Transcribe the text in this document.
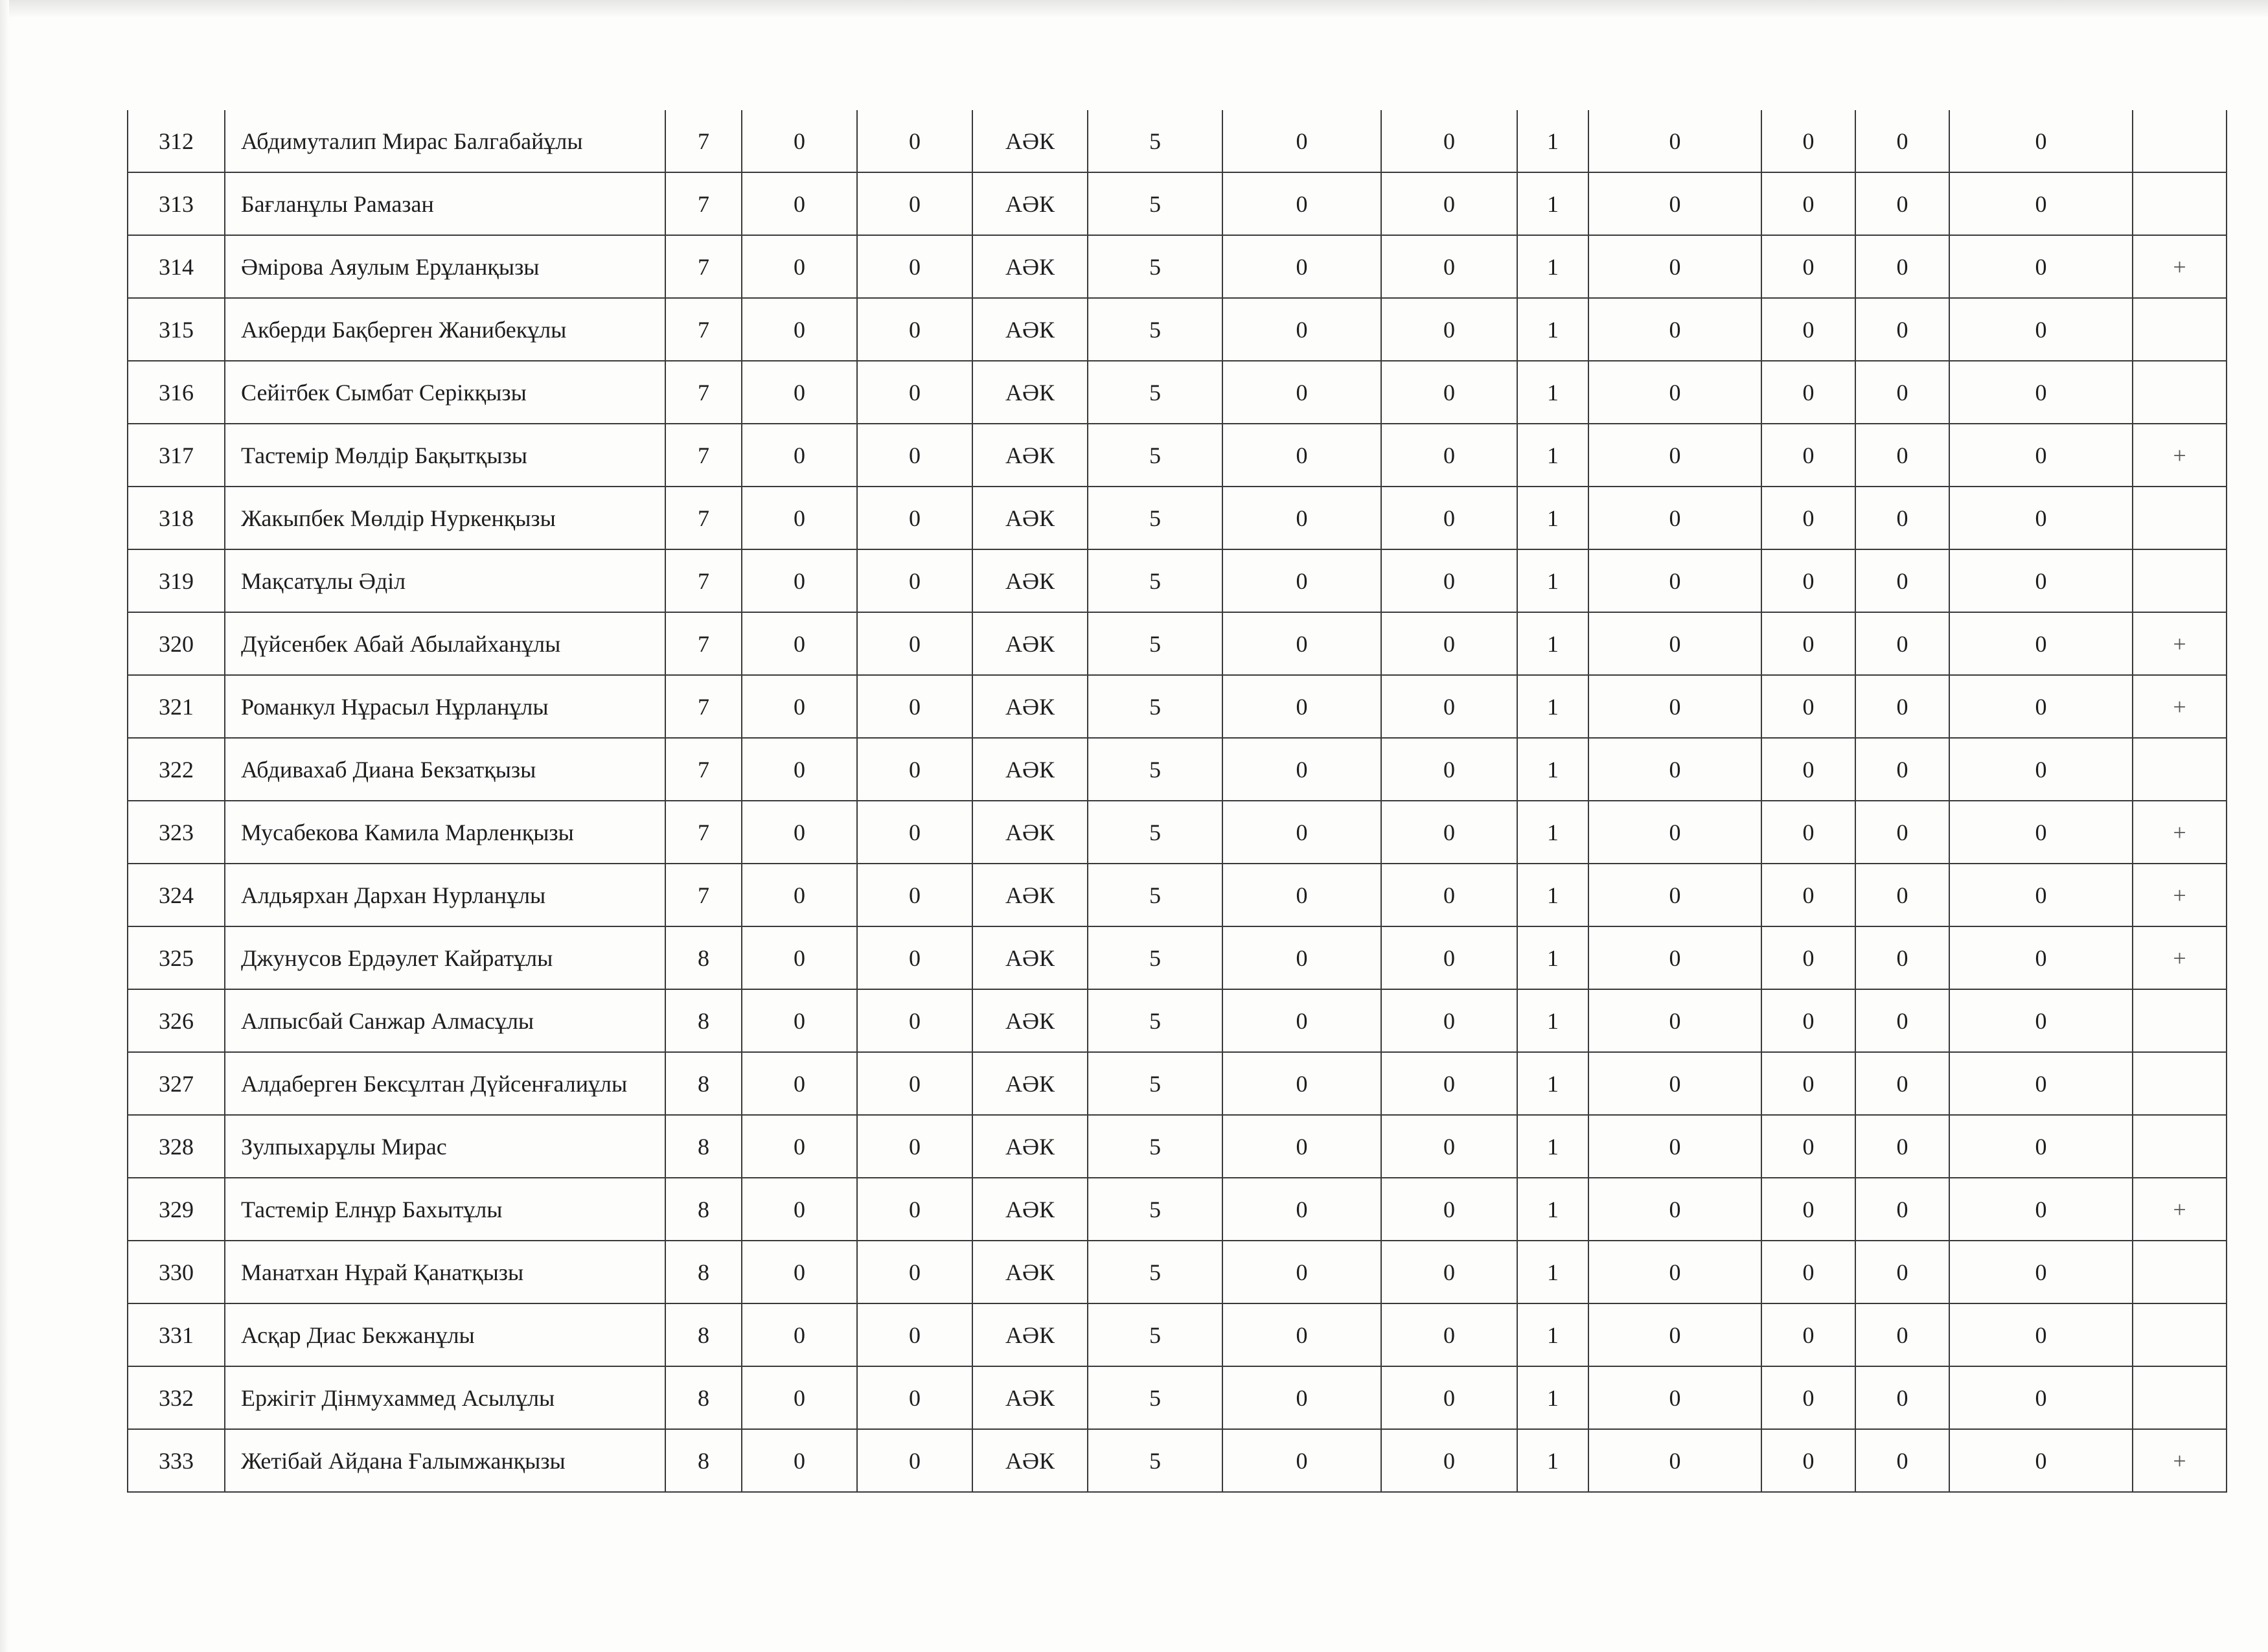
312	Абдимуталип Мирас Балгабайұлы	7	0	0	АӘК	5	0	0	1	0	0	0	0	
313	Бағланұлы Рамазан	7	0	0	АӘК	5	0	0	1	0	0	0	0	
314	Әмірова Аяулым Ерұланқызы	7	0	0	АӘК	5	0	0	1	0	0	0	0	+
315	Акберди Бақберген Жанибекұлы	7	0	0	АӘК	5	0	0	1	0	0	0	0	
316	Сейітбек Сымбат Серікқызы	7	0	0	АӘК	5	0	0	1	0	0	0	0	
317	Тастемір Мөлдір Бақытқызы	7	0	0	АӘК	5	0	0	1	0	0	0	0	+
318	Жакыпбек Мөлдір Нуркенқызы	7	0	0	АӘК	5	0	0	1	0	0	0	0	
319	Мақсатұлы Әділ	7	0	0	АӘК	5	0	0	1	0	0	0	0	
320	Дүйсенбек Абай Абылайханұлы	7	0	0	АӘК	5	0	0	1	0	0	0	0	+
321	Романкул Нұрасыл Нұрланұлы	7	0	0	АӘК	5	0	0	1	0	0	0	0	+
322	Абдивахаб Диана Бекзатқызы	7	0	0	АӘК	5	0	0	1	0	0	0	0	
323	Мусабекова Камила Марленқызы	7	0	0	АӘК	5	0	0	1	0	0	0	0	+
324	Алдьярхан Дархан Нурланұлы	7	0	0	АӘК	5	0	0	1	0	0	0	0	+
325	Джунусов Ердәулет Кайратұлы	8	0	0	АӘК	5	0	0	1	0	0	0	0	+
326	Алпысбай Санжар Алмасұлы	8	0	0	АӘК	5	0	0	1	0	0	0	0	
327	Алдаберген Бексұлтан Дүйсенғалиұлы	8	0	0	АӘК	5	0	0	1	0	0	0	0	
328	Зулпыхарұлы Мирас	8	0	0	АӘК	5	0	0	1	0	0	0	0	
329	Тастемір Елнұр Бахытұлы	8	0	0	АӘК	5	0	0	1	0	0	0	0	+
330	Манатхан Нұрай Қанатқызы	8	0	0	АӘК	5	0	0	1	0	0	0	0	
331	Асқар Диас Бекжанұлы	8	0	0	АӘК	5	0	0	1	0	0	0	0	
332	Ержігіт Дінмухаммед Асылұлы	8	0	0	АӘК	5	0	0	1	0	0	0	0	
333	Жетібай Айдана Ғалымжанқызы	8	0	0	АӘК	5	0	0	1	0	0	0	0	+
